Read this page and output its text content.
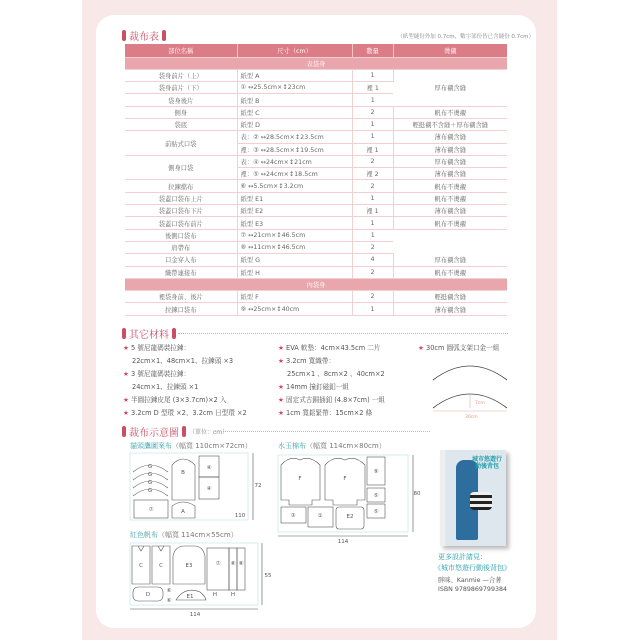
裁布表	（紙型縫份外加 0.7cm，數字部份皆已含縫份 0.7cm）
部位名稱	尺寸（cm）	數量	燙襯
表袋身			
袋身前片（上）	紙型 A	1	厚布襯含縫
袋身前片（下）	① ↔25.5cm×↕23cm	裡 1	
袋身後片	紙型 B	1	
側身	紙型 C	2	帆布不燙襯
袋底	紙型 D	1	輕挺襯不含縫＋厚布襯含縫
前貼式口袋	表：② ↔28.5cm×↕23.5cm	1	薄布襯含縫
	裡：③ ↔28.5cm×↕19.5cm	裡 1	薄布襯含縫
側身口袋	表：④ ↔24cm×↕21cm	2	厚布襯含縫
	裡：⑤ ↔24cm×↕18.5cm	裡 2	薄布襯含縫
拉鍊擋布	⑥ ↔5.5cm×↕3.2cm	2	帆布不燙襯
袋蓋口袋布上片	紙型 E1	1	帆布不燙襯
袋蓋口袋布下片	紙型 E2	裡 1	薄布襯含縫
袋蓋口袋布前片	紙型 E3	1	帆布不燙襯
後側口袋布	⑦ ↔21cm×↕46.5cm	1	
肩帶布	⑧ ↔11cm×↕46.5cm	2	
口金穿入布	紙型 G	4	厚布襯含縫
織帶連接布	紙型 H	2	帆布不燙襯
內袋身			
裡袋身前、後片	紙型 F	2	輕挺襯含縫
拉鍊口袋布	⑨ ↔25cm×↕40cm	1	薄布襯含縫
其它材料
★ 5 號尼龍碼裝拉鍊：
22cm×1、48cm×1、拉鍊頭 ×3
★ 3 號尼龍碼裝拉鍊：
24cm×1、拉鍊頭 ×1
★ 半圓拉鍊皮尾 (3×3.7cm)×2 入
★ 3.2cm D 型環 ×2、3.2cm 日型環 ×2
★ EVA 軟墊：4cm×43.5cm 二片
★ 3.2cm 寬織帶：
25cm×1 、8cm×2 、40cm×2
★ 14mm 撞釘磁釦一組
★ 固定式古銅插釦 (4.8×7cm) 一組
★ 1cm 寬鬆緊帶：15cm×2 條
★ 30cm 圓弧支架口金一組
7cm
30cm
裁布示意圖 （單位：cm）
貓頭鷹圖案布（幅寬 110cm×72cm）	水玉棉布（幅寬 114cm×80cm）
紅色帆布（幅寬 114cm×55cm）
G
G
G
G
B
④
④
⑦	A
72
110
F	F
⑨
⑤
⑤
③	①	E2
80
114
C	C	E3	⑦ ⑧ ⑧
D
⑥
⑥
E1	H	H
55
114
城市悠遊行動後背包
更多設計請見：
《城市悠遊行動後背包》
胖咪、Kanmie —合著
ISBN 9789869799384
